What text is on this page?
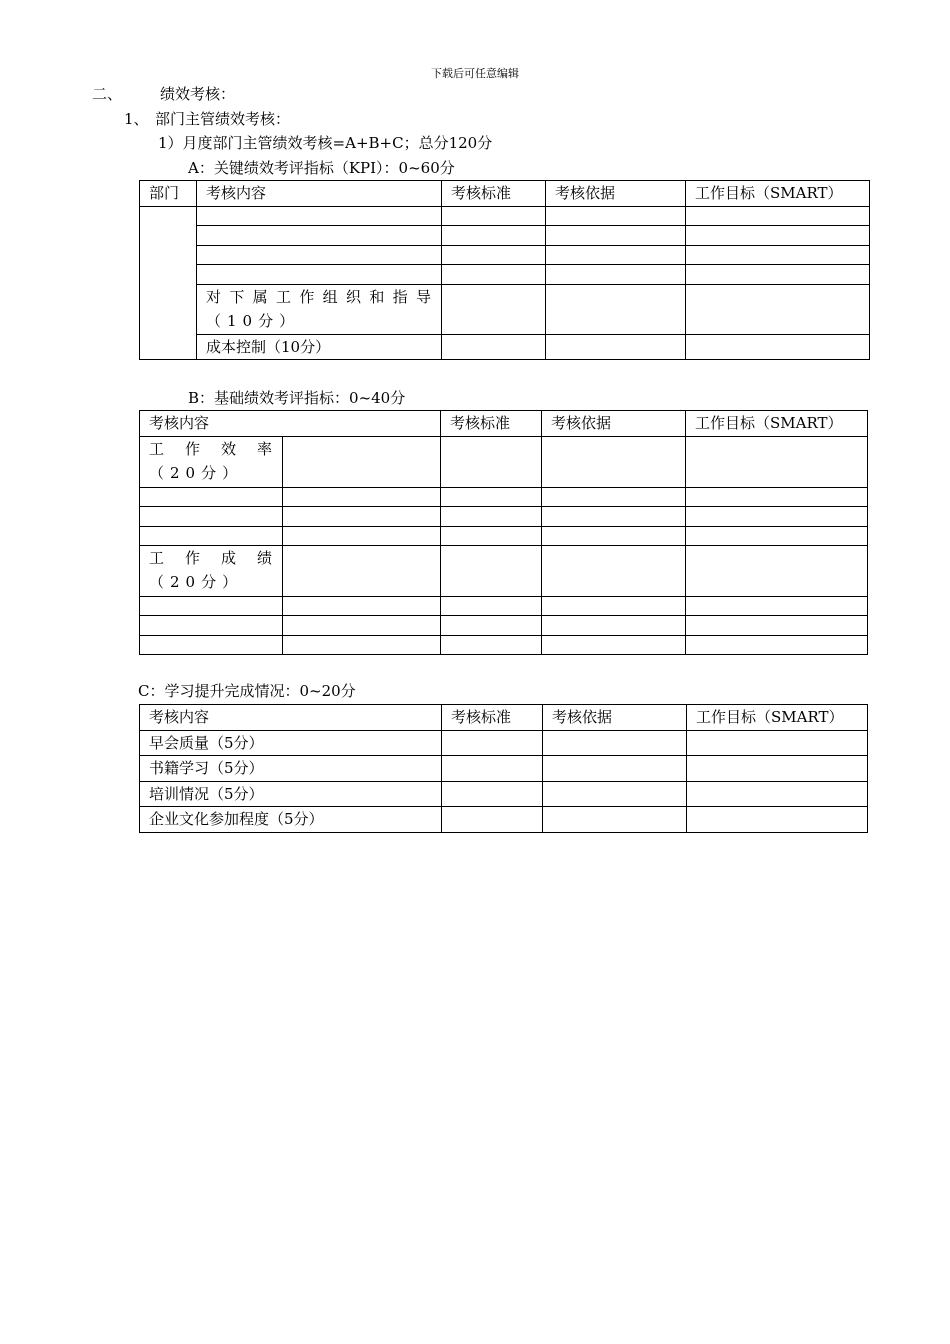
下载后可任意编辑
二、	绩效考核：
1、 部门主管绩效考核：
1）月度部门主管绩效考核=A+B+C；总分120分
A：关键绩效考评指标（KPI）：0~60分
部门	考核内容	考核标准	考核依据	工作目标（SMART）

	对下属工作组织和指导（10分）			
	成本控制（10分）			
B：基础绩效考评指标：0~40分
考核内容		考核标准	考核依据	工作目标（SMART）
工作效率（20分）				

工作成绩（20分）				

C：学习提升完成情况：0~20分
考核内容	考核标准	考核依据	工作目标（SMART）
早会质量（5分）			
书籍学习（5分）			
培训情况（5分）			
企业文化参加程度（5分）			
